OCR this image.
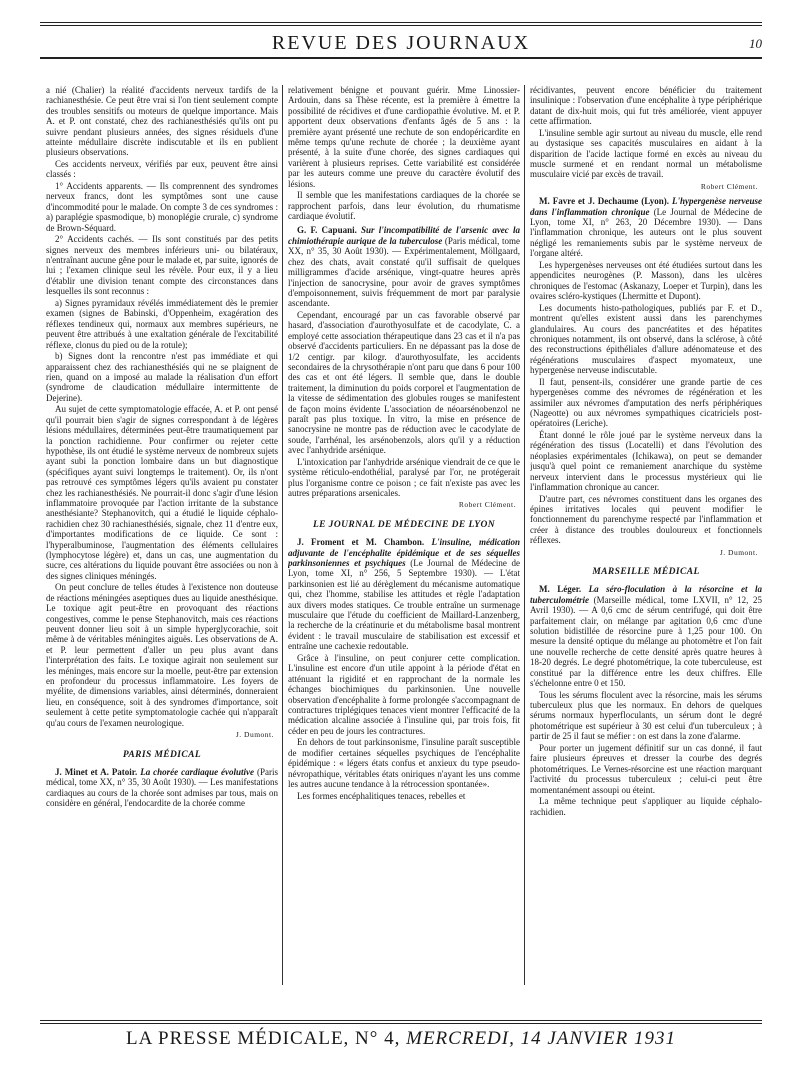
REVUE DES JOURNAUX	10

a nié (Chalier) la réalité d'accidents nerveux tardifs de la rachianesthésie. Ce peut être vrai si l'on tient seulement compte des troubles sensitifs ou moteurs de quelque importance. Mais A. et P. ont constaté, chez des rachianesthésiés qu'ils ont pu suivre pendant plusieurs années, des signes résiduels d'une atteinte médullaire discrète indiscutable et ils en publient plusieurs observations.

Ces accidents nerveux, vérifiés par eux, peuvent être ainsi classés :

1° Accidents apparents. — Ils comprennent des syndromes nerveux francs, dont les symptômes sont une cause d'incommodité pour le malade. On compte 3 de ces syndromes : a) paraplégie spasmodique, b) monoplégie crurale, c) syndrome de Brown-Séquard.

2° Accidents cachés. — Ils sont constitués par des petits signes nerveux des membres inférieurs uni- ou bilatéraux, n'entraînant aucune gêne pour le malade et, par suite, ignorés de lui ; l'examen clinique seul les révèle. Pour eux, il y a lieu d'établir une division tenant compte des circonstances dans lesquelles ils sont reconnus :

a) Signes pyramidaux révélés immédiatement dès le premier examen (signes de Babinski, d'Oppenheim, exagération des réflexes tendineux qui, normaux aux membres supérieurs, ne peuvent être attribués à une exaltation générale de l'excitabilité réflexe, clonus du pied ou de la rotule);

b) Signes dont la rencontre n'est pas immédiate et qui apparaissent chez des rachianesthésiés qui ne se plaignent de rien, quand on a imposé au malade la réalisation d'un effort (syndrome de claudication médullaire intermittente de Dejerine).

Au sujet de cette symptomatologie effacée, A. et P. ont pensé qu'il pourrait bien s'agir de signes correspondant à de légères lésions médullaires, déterminées peut-être traumatiquement par la ponction rachidienne. Pour confirmer ou rejeter cette hypothèse, ils ont étudié le système nerveux de nombreux sujets ayant subi la ponction lombaire dans un but diagnostique (spécifiques ayant suivi longtemps le traitement). Or, ils n'ont pas retrouvé ces symptômes légers qu'ils avaient pu constater chez les rachianesthésiés. Ne pourrait-il donc s'agir d'une lésion inflammatoire provoquée par l'action irritante de la substance anesthésiante? Stephanovitch, qui a étudié le liquide céphalo-rachidien chez 30 rachianesthésiés, signale, chez 11 d'entre eux, d'importantes modifications de ce liquide. Ce sont : l'hyperalbuminose, l'augmentation des éléments cellulaires (lymphocytose légère) et, dans un cas, une augmentation du sucre, ces altérations du liquide pouvant être associées ou non à des signes cliniques méningés.

On peut conclure de telles études à l'existence non douteuse de réactions méningées aseptiques dues au liquide anesthésique. Le toxique agit peut-être en provoquant des réactions congestives, comme le pense Stephanovitch, mais ces réactions peuvent donner lieu soit à un simple hyperglycorachie, soit même à de véritables méningites aiguës. Les observations de A. et P. leur permettent d'aller un peu plus avant dans l'interprétation des faits. Le toxique agirait non seulement sur les méninges, mais encore sur la moelle, peut-être par extension en profondeur du processus inflammatoire. Les foyers de myélite, de dimensions variables, ainsi déterminés, donneraient lieu, en conséquence, soit à des syndromes d'importance, soit seulement à cette petite symptomatologie cachée qui n'apparaît qu'au cours de l'examen neurologique.

J. Dumont.

PARIS MÉDICAL

J. Minet et A. Patoir. La chorée cardiaque évolutive (Paris médical, tome XX, n° 35, 30 Août 1930). — Les manifestations cardiaques au cours de la chorée sont admises par tous, mais on considère en général, l'endocardite de la chorée comme

relativement bénigne et pouvant guérir. Mme Linossier-Ardouin, dans sa Thèse récente, est la première à émettre la possibilité de récidives et d'une cardiopathie évolutive. M. et P. apportent deux observations d'enfants âgés de 5 ans : la première ayant présenté une rechute de son endopéricardite en même temps qu'une rechute de chorée ; la deuxième ayant présenté, à la suite d'une chorée, des signes cardiaques qui varièrent à plusieurs reprises. Cette variabilité est considérée par les auteurs comme une preuve du caractère évolutif des lésions.

Il semble que les manifestations cardiaques de la chorée se rapprochent parfois, dans leur évolution, du rhumatisme cardiaque évolutif.

G. F. Capuani. Sur l'incompatibilité de l'arsenic avec la chimiothérapie aurique de la tuberculose (Paris médical, tome XX, n° 35, 30 Août 1930). — Expérimentalement, Möllgaard, chez des chats, avait constaté qu'il suffisait de quelques milligrammes d'acide arsénique, vingt-quatre heures après l'injection de sanocrysine, pour avoir de graves symptômes d'empoisonnement, suivis fréquemment de mort par paralysie ascendante.

Cependant, encouragé par un cas favorable observé par hasard, d'association d'aurothyosulfate et de cacodylate, C. a employé cette association thérapeutique dans 23 cas et il n'a pas observé d'accidents particuliers. En ne dépassant pas la dose de 1/2 centigr. par kilogr. d'aurothyosulfate, les accidents secondaires de la chrysothérapie n'ont paru que dans 6 pour 100 des cas et ont été légers. Il semble que, dans le double traitement, la diminution du poids corporel et l'augmentation de la vitesse de sédimentation des globules rouges se manifestent de façon moins évidente L'association de néoarsénobenzol ne paraît pas plus toxique. In vitro, la mise en présence de sanocrysine ne montre pas de réduction avec le cacodylate de soude, l'arrhénal, les arsénobenzols, alors qu'il y a réduction avec l'anhydride arsénique.

L'intoxication par l'anhydride arsénique viendrait de ce que le système réticulo-endothélial, paralysé par l'or, ne protégerait plus l'organisme contre ce poison ; ce fait n'existe pas avec les autres préparations arsenicales.

Robert Clément.

LE JOURNAL DE MÉDECINE DE LYON

J. Froment et M. Chambon. L'insuline, médication adjuvante de l'encéphalite épidémique et de ses séquelles parkinsoniennes et psychiques (Le Journal de Médecine de Lyon, tome XI, n° 256, 5 Septembre 1930). — L'état parkinsonien est lié au dérèglement du mécanisme automatique qui, chez l'homme, stabilise les attitudes et règle l'adaptation aux divers modes statiques. Ce trouble entraîne un surmenage musculaire que l'étude du coefficient de Maillard-Lanzenberg, la recherche de la créatinurie et du métabolisme basal montrent évident : le travail musculaire de stabilisation est excessif et entraîne une cachexie redoutable.

Grâce à l'insuline, on peut conjurer cette complication. L'insuline est encore d'un utile appoint à la période d'état en atténuant la rigidité et en rapprochant de la normale les échanges biochimiques du parkinsonien. Une nouvelle observation d'encéphalite à forme prolongée s'accompagnant de contractures triplégiques tenaces vient montrer l'efficacité de la médication alcaline associée à l'insuline qui, par trois fois, fit céder en peu de jours les contractures.

En dehors de tout parkinsonisme, l'insuline paraît susceptible de modifier certaines séquelles psychiques de l'encéphalite épidémique : « légers états confus et anxieux du type pseudo-névropathique, véritables états oniriques n'ayant les uns comme les autres aucune tendance à la rétrocession spontanée».

Les formes encéphalitiques tenaces, rebelles et

récidivantes, peuvent encore bénéficier du traitement insulinique : l'observation d'une encéphalite à type périphérique datant de dix-huit mois, qui fut très améliorée, vient appuyer cette affirmation.

L'insuline semble agir surtout au niveau du muscle, elle rend au dystasique ses capacités musculaires en aidant à la disparition de l'acide lactique formé en excès au niveau du muscle surmené et en rendant normal un métabolisme musculaire vicié par excès de travail.

Robert Clément.

M. Favre et J. Dechaume (Lyon). L'hypergenèse nerveuse dans l'inflammation chronique (Le Journal de Médecine de Lyon, tome XI, n° 263, 20 Décembre 1930). — Dans l'inflammation chronique, les auteurs ont le plus souvent négligé les remaniements subis par le système nerveux de l'organe altéré.

Les hypergenèses nerveuses ont été étudiées surtout dans les appendicites neurogènes (P. Masson), dans les ulcères chroniques de l'estomac (Askanazy, Loeper et Turpin), dans les ovaires scléro-kystiques (Lhermitte et Dupont).

Les documents histo-pathologiques, publiés par F. et D., montrent qu'elles existent aussi dans les parenchymes glandulaires. Au cours des pancréatites et des hépatites chroniques notamment, ils ont observé, dans la sclérose, à côté des reconstructions épithéliales d'allure adénomateuse et des régénérations musculaires d'aspect myomateux, une hypergenèse nerveuse indiscutable.

Il faut, pensent-ils, considérer une grande partie de ces hypergenèses comme des névromes de régénération et les assimiler aux névromes d'amputation des nerfs périphériques (Nageotte) ou aux névromes sympathiques cicatriciels post-opératoires (Leriche).

Étant donné le rôle joué par le système nerveux dans la régénération des tissus (Locatelli) et dans l'évolution des néoplasies expérimentales (Ichikawa), on peut se demander jusqu'à quel point ce remaniement anarchique du système nerveux intervient dans le processus mystérieux qui lie l'inflammation chronique au cancer.

D'autre part, ces névromes constituent dans les organes des épines irritatives locales qui peuvent modifier le fonctionnement du parenchyme respecté par l'inflammation et créer à distance des troubles douloureux et fonctionnels réflexes.

J. Dumont.

MARSEILLE MÉDICAL

M. Léger. La séro-floculation à la résorcine et la tuberculométrie (Marseille médical, tome LXVII, n° 12, 25 Avril 1930). — A 0,6 cmc de sérum centrifugé, qui doit être parfaitement clair, on mélange par agitation 0,6 cmc d'une solution bidistillée de résorcine pure à 1,25 pour 100. On mesure la densité optique du mélange au photomètre et l'on fait une nouvelle recherche de cette densité après quatre heures à 18-20 degrés. Le degré photométrique, la cote tuberculeuse, est constitué par la différence entre les deux chiffres. Elle s'échelonne entre 0 et 150.

Tous les sérums floculent avec la résorcine, mais les sérums tuberculeux plus que les normaux. En dehors de quelques sérums normaux hyperfloculants, un sérum dont le degré photométrique est supérieur à 30 est celui d'un tuberculeux ; à partir de 25 il faut se méfier : on est dans la zone d'alarme.

Pour porter un jugement définitif sur un cas donné, il faut faire plusieurs épreuves et dresser la courbe des degrés photométriques. Le Vernes-résorcine est une réaction marquant l'activité du processus tuberculeux ; celui-ci peut être momentanément assoupi ou éteint.

La même technique peut s'appliquer au liquide céphalo-rachidien.

LA PRESSE MÉDICALE, N° 4, MERCREDI, 14 JANVIER 1931
